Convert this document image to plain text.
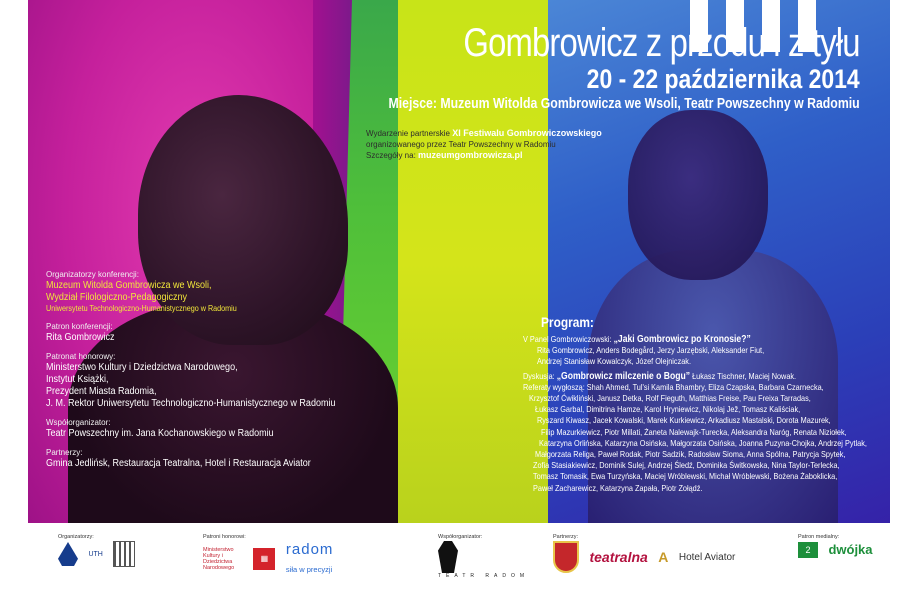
Gombrowicz z przodu i z tyłu
20 - 22 października 2014
Miejsce: Muzeum Witolda Gombrowicza we Wsoli, Teatr Powszechny w Radomiu
Wydarzenie partnerskie XI Festiwalu Gombrowiczowskiego
organizowanego przez Teatr Powszechny w Radomiu
Szczegóły na: muzeumgombrowicza.pl
Organizatorzy konferencji:
Muzeum Witolda Gombrowicza we Wsoli,
Wydział Filologiczno-Pedagogiczny
Uniwersytetu Technologiczno-Humanistycznego w Radomiu
Patron konferencji:
Rita Gombrowicz
Patronat honorowy:
Ministerstwo Kultury i Dziedzictwa Narodowego,
Instytut Książki,
Prezydent Miasta Radomia,
J. M. Rektor Uniwersytetu Technologiczno-Humanistycznego w Radomiu
Współorganizator:
Teatr Powszechny im. Jana Kochanowskiego w Radomiu
Partnerzy:
Gmina Jedlińsk, Restauracja Teatralna, Hotel i Restauracja Aviator
Program:
V Panel Gombrowiczowski: „Jaki Gombrowicz po Kronosie?”
Rita Gombrowicz, Anders Bodegård, Jerzy Jarzębski, Aleksander Fiut,
Andrzej Stanisław Kowalczyk, Józef Olejniczak.
Dyskusja: „Gombrowicz milczenie o Bogu” Łukasz Tischner, Maciej Nowak.
Referaty wygłoszą: Shah Ahmed, Tul'si Kamila Bhambry, Eliza Czapska, Barbara Czarnecka,
Krzysztof Ćwikliński, Janusz Detka, Rolf Fieguth, Matthias Freise, Pau Freixa Tarradas,
Łukasz Garbal, Dimitrina Hamze, Karol Hryniewicz, Nikolaj Jež, Tomasz Kaliściak,
Ryszard Kiwasz, Jacek Kowalski, Marek Kurkiewicz, Arkadiusz Mastalski, Dorota Mazurek,
Filip Mazurkiewicz, Piotr Millati, Żaneta Nalewajk-Turecka, Aleksandra Naróg, Renata Niziołek,
Katarzyna Orlińska, Katarzyna Osińska, Małgorzata Osińska, Joanna Puzyna-Chojka, Andrzej Pytlak,
Małgorzata Religa, Paweł Rodak, Piotr Sadzik, Radosław Sioma, Anna Spólna, Patrycja Spytek,
Zofia Stasiakiewicz, Dominik Sulej, Andrzej Śledź, Dominika Świtkowska, Nina Taylor-Terlecka,
Tomasz Tomasik, Ewa Turzyńska, Maciej Wróblewski, Michał Wróblewski, Bożena Żaboklicka,
Paweł Zacharewicz, Katarzyna Zapała, Piotr Zołądź.
Organizatorzy:
UTH
Patroni honorowi:
Ministerstwo Kultury i Dziedzictwa Narodowego ▦ radom
siła w precyzji
Współorganizator:
TEATR RADOM
Partnerzy:
teatralna A Hotel Aviator
Patron medialny:
2 dwójka
